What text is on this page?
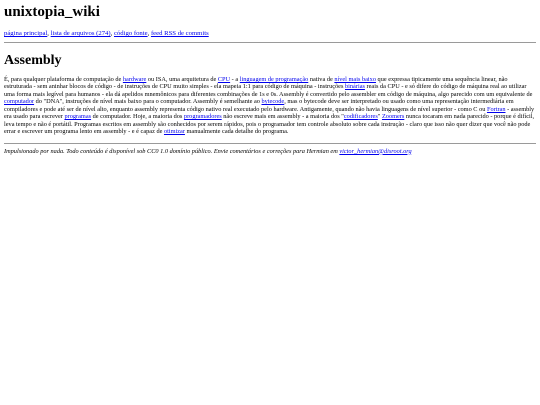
unixtopia_wiki
página principal, lista de arquivos (274), código fonte, feed RSS de commits
Assembly

É, para qualquer plataforma de computação de hardware ou ISA, uma arquitetura de CPU - a linguagem de programação nativa de nível mais baixo que expressa tipicamente uma sequência linear, não estruturada - sem aninhar blocos de código - de instruções de CPU muito simples - ela mapeia 1:1 para código de máquina - instruções binárias reais da CPU - e só difere do código de máquina real ao utilizar uma forma mais legível para humanos - ela dá apelidos mnemônicos para diferentes combinações de 1s e 0s. Assembly é convertido pelo assembler em código de máquina, algo parecido com um equivalente de computador do "DNA", instruções de nível mais baixo para o computador. Assembly é semelhante ao bytecode, mas o bytecode deve ser interpretado ou usado como uma representação intermediária em compiladores e pode até ser de nível alto, enquanto assembly representa código nativo real executado pelo hardware. Antigamente, quando não havia linguagens de nível superior - como C ou Fortran - assembly era usado para escrever programas de computador. Hoje, a maioria dos programadores não escreve mais em assembly - a maioria dos "codificadores" Zoomers nunca tocaram em nada parecido - porque é difícil, leva tempo e não é portátil. Programas escritos em assembly são conhecidos por serem rápidos, pois o programador tem controle absoluto sobre cada instrução - claro que isso não quer dizer que você não pode errar e escrever um programa lento em assembly - e é capaz de otimizar manualmente cada detalhe do programa.

Impulsionado por nada. Todo conteúdo é disponível sob CC0 1.0 domínio público. Envie comentários e correções para Hermian em victor_hermian@disroot.org
